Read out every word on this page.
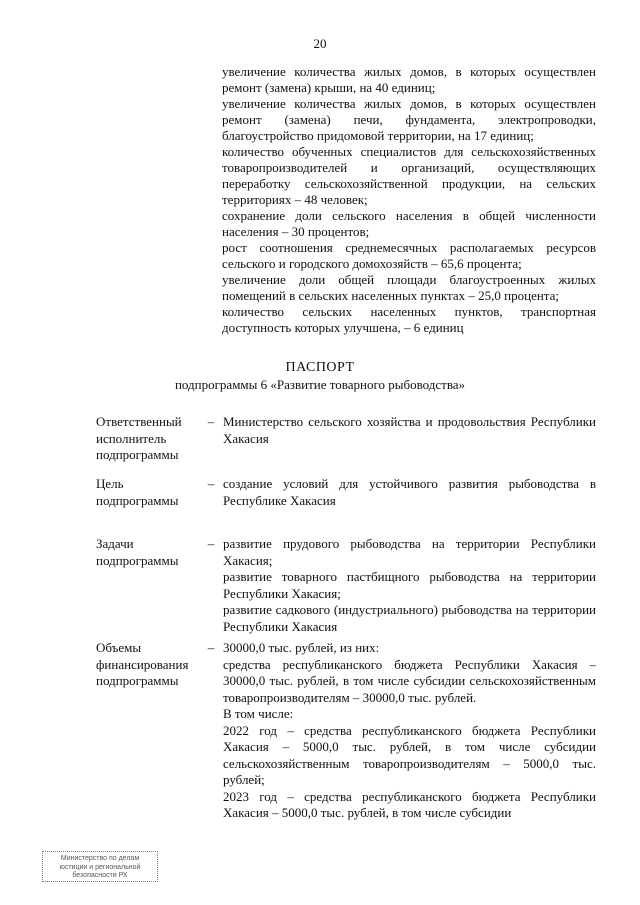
20
увеличение количества жилых домов, в которых осуществлен ремонт (замена) крыши, на 40 единиц;
увеличение количества жилых домов, в которых осуществлен ремонт (замена) печи, фундамента, электропроводки, благоустройство придомовой территории, на 17 единиц;
количество обученных специалистов для сельскохозяйственных товаропроизводителей и организаций, осуществляющих переработку сельскохозяйственной продукции, на сельских территориях – 48 человек;
сохранение доли сельского населения в общей численности населения – 30 процентов;
рост соотношения среднемесячных располагаемых ресурсов сельского и городского домохозяйств – 65,6 процента;
увеличение доли общей площади благоустроенных жилых помещений в сельских населенных пунктах – 25,0 процента;
количество сельских населенных пунктов, транспортная доступность которых улучшена, – 6 единиц
ПАСПОРТ
подпрограммы 6 «Развитие товарного рыбоводства»
Ответственный исполнитель подпрограммы
– Министерство сельского хозяйства и продовольствия Республики Хакасия
Цель подпрограммы
– создание условий для устойчивого развития рыбоводства в Республике Хакасия
Задачи подпрограммы
– развитие прудового рыбоводства на территории Республики Хакасия;
развитие товарного пастбищного рыбоводства на территории Республики Хакасия;
развитие садкового (индустриального) рыбоводства на территории Республики Хакасия
Объемы финансирования подпрограммы
– 30000,0 тыс. рублей, из них:
средства республиканского бюджета Республики Хакасия – 30000,0 тыс. рублей, в том числе субсидии сельскохозяйственным товаропроизводителям – 30000,0 тыс. рублей.
В том числе:
2022 год – средства республиканского бюджета Республики Хакасия – 5000,0 тыс. рублей, в том числе субсидии сельскохозяйственным товаропроизводителям – 5000,0 тыс. рублей;
2023 год – средства республиканского бюджета Республики Хакасия – 5000,0 тыс. рублей, в том числе субсидии
Министерство по делам
юстиции и региональной
безопасности РХ
